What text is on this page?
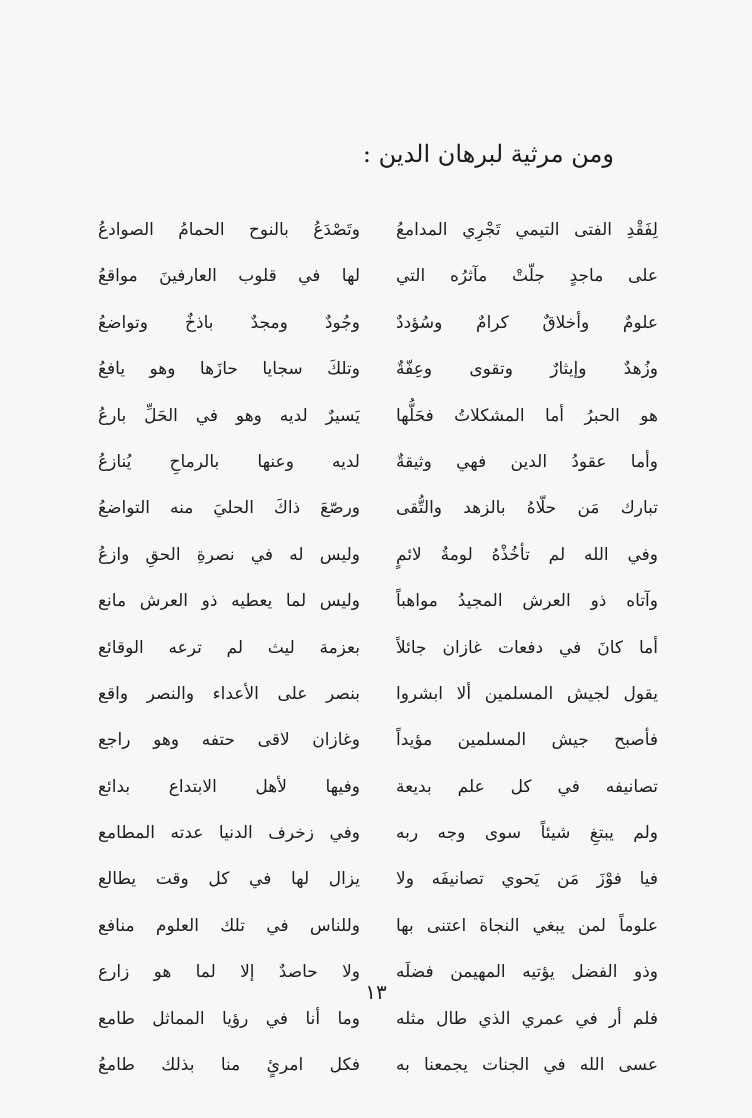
ومن مرثية لبرهان الدين :
لِفَقْدِ الفتى التيمي تَجْرِي المدامعُ
وتَصْدَعُ بالنوح الحمامُ الصوادعُ
على ماجدٍ جلّتْ مآثرُه التي
لها في قلوب العارفينَ مواقعُ
علومٌ وأخلاقٌ كرامٌ وسُؤددٌ
وجُودٌ ومجدٌ باذخٌ وتواضعُ
وزُهدٌ وإيثارٌ وتقوى وعِفّةٌ
وتلكَ سجايا حازَها وهو يافعُ
هو الحبرُ أما المشكلاتُ فحَلُّها
يَسيرٌ لديه وهو في الحَلِّ بارعُ
وأما عقودُ الدين فهي وثيقةٌ
لديه وعنها بالرماحِ يُنازعُ
تبارك مَن حلّاهُ بالزهد والتُّقى
ورصّعَ ذاكَ الحليَ منه التواضعُ
وفي الله لم تأخُذْهُ لومةُ لائمٍ
وليس له في نصرةِ الحقِ وازعُ
وآتاه ذو العرش المجيدُ مواهباً
وليس لما يعطيه ذو العرش مانع
أما كانَ في دفعات غازان جائلاً
بعزمة ليث لم ترعه الوقائع
يقول لجيش المسلمين ألا ابشروا
بنصر على الأعداء والنصر واقع
فأصبح جيش المسلمين مؤيداً
وغازان لاقى حتفه وهو راجع
تصانيفه في كل علم بديعة
وفيها لأهل الابتداع بدائع
ولم يبتغِ شيئاً سوى وجه ربه
وفي زخرف الدنيا عدته المطامع
فيا فوْزَ مَن يَحوي تصانيفَه ولا
يزال لها في كل وقت يطالع
علوماً لمن يبغي النجاة اعتنى بها
وللناس في تلك العلوم منافع
وذو الفضل يؤتيه المهيمن فضلَه
ولا حاصدٌ إلا لما هو زارع
فلم أر في عمري الذي طال مثله
وما أنا في رؤيا المماثل طامع
عسى الله في الجنات يجمعنا به
فكل امرئٍ منا بذلك طامعُ
١٣
